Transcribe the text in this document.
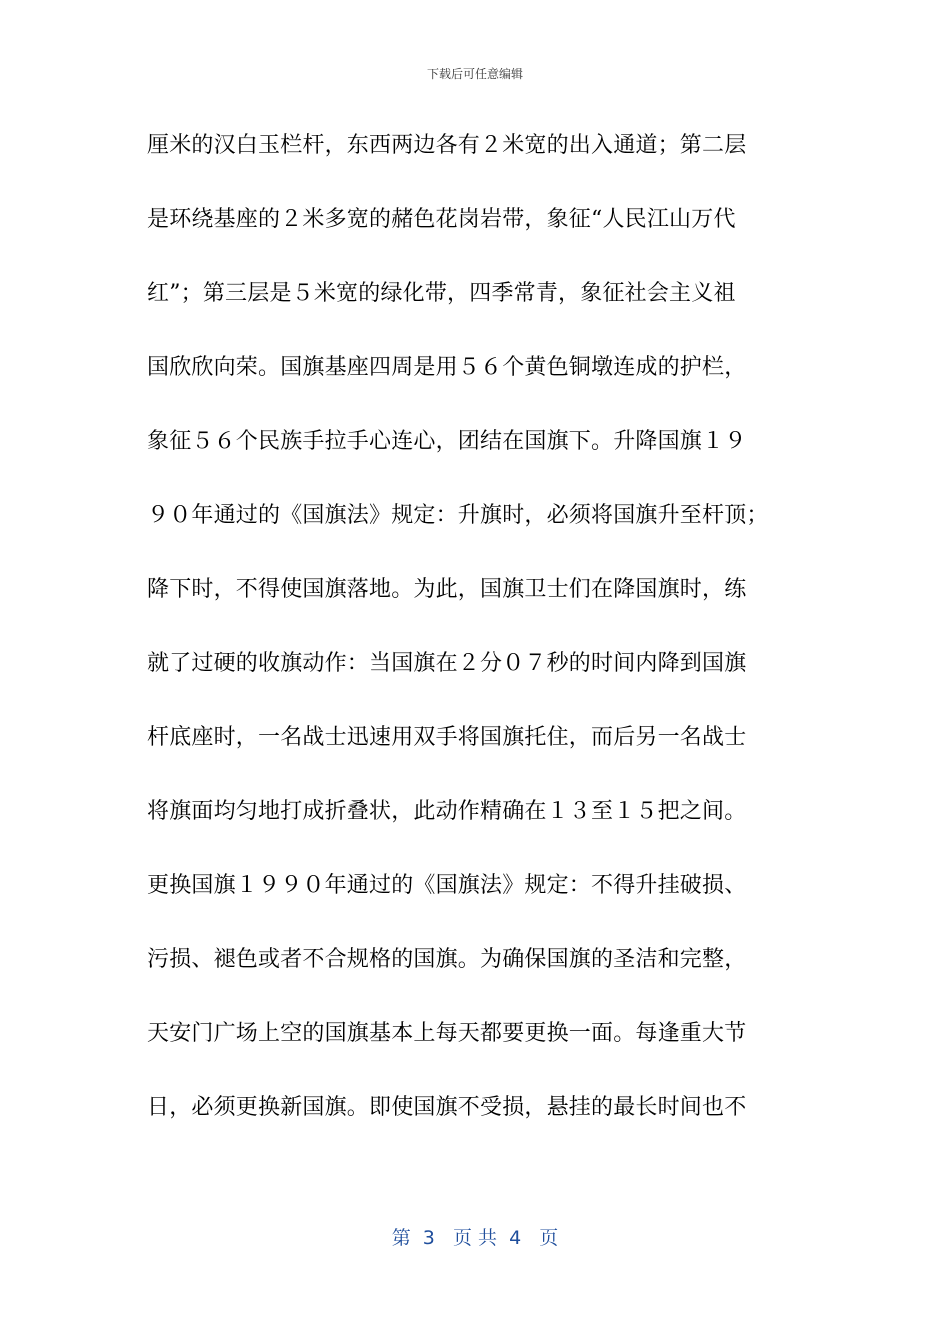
下载后可任意编辑
厘米的汉白玉栏杆，东西两边各有２米宽的出入通道；第二层
是环绕基座的２米多宽的赭色花岗岩带，象征“人民江山万代
红”；第三层是５米宽的绿化带，四季常青，象征社会主义祖
国欣欣向荣。国旗基座四周是用５６个黄色铜墩连成的护栏，
象征５６个民族手拉手心连心，团结在国旗下。升降国旗１９
９０年通过的《国旗法》规定：升旗时，必须将国旗升至杆顶；
降下时，不得使国旗落地。为此，国旗卫士们在降国旗时，练
就了过硬的收旗动作：当国旗在２分０７秒的时间内降到国旗
杆底座时，一名战士迅速用双手将国旗托住，而后另一名战士
将旗面均匀地打成折叠状，此动作精确在１３至１５把之间。
更换国旗１９９０年通过的《国旗法》规定：不得升挂破损、
污损、褪色或者不合规格的国旗。为确保国旗的圣洁和完整，
天安门广场上空的国旗基本上每天都要更换一面。每逢重大节
日，必须更换新国旗。即使国旗不受损，悬挂的最长时间也不
第  3   页 共  4   页
